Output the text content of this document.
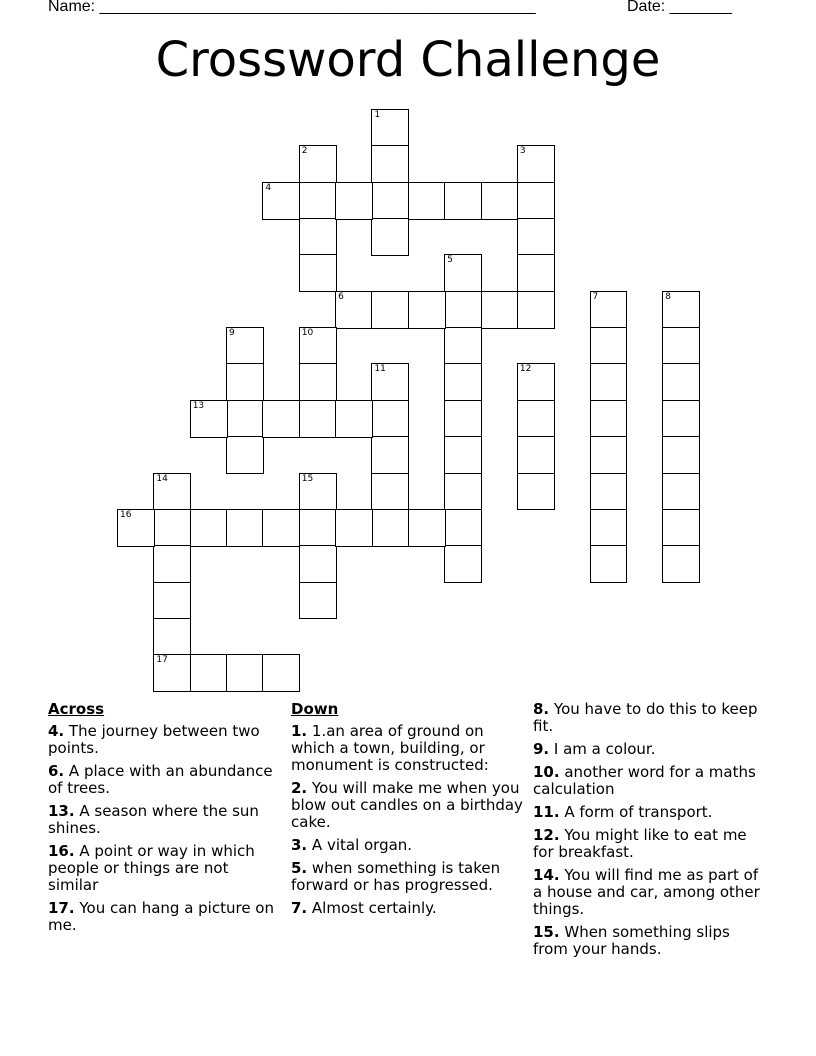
Name: _________________________________________________	Date: _______
Crossword Challenge
1
2	3
4
5
6	7	8
9	10
11	12
13
14
17
15
16
Across
4. The journey between two points.
6. A place with an abundance of trees.
13. A season where the sun shines.
16. A point or way in which people or things are not similar
17. You can hang a picture on me.
Down
1. 1.an area of ground on which a town, building, or monument is constructed:
2. You will make me when you blow out candles on a birthday cake.
3. A vital organ.
5. when something is taken forward or has progressed.
7. Almost certainly.
8. You have to do this to keep fit.
9. I am a colour.
10. another word for a maths calculation
11. A form of transport.
12. You might like to eat me for breakfast.
14. You will find me as part of a house and car, among other things.
15. When something slips from your hands.
